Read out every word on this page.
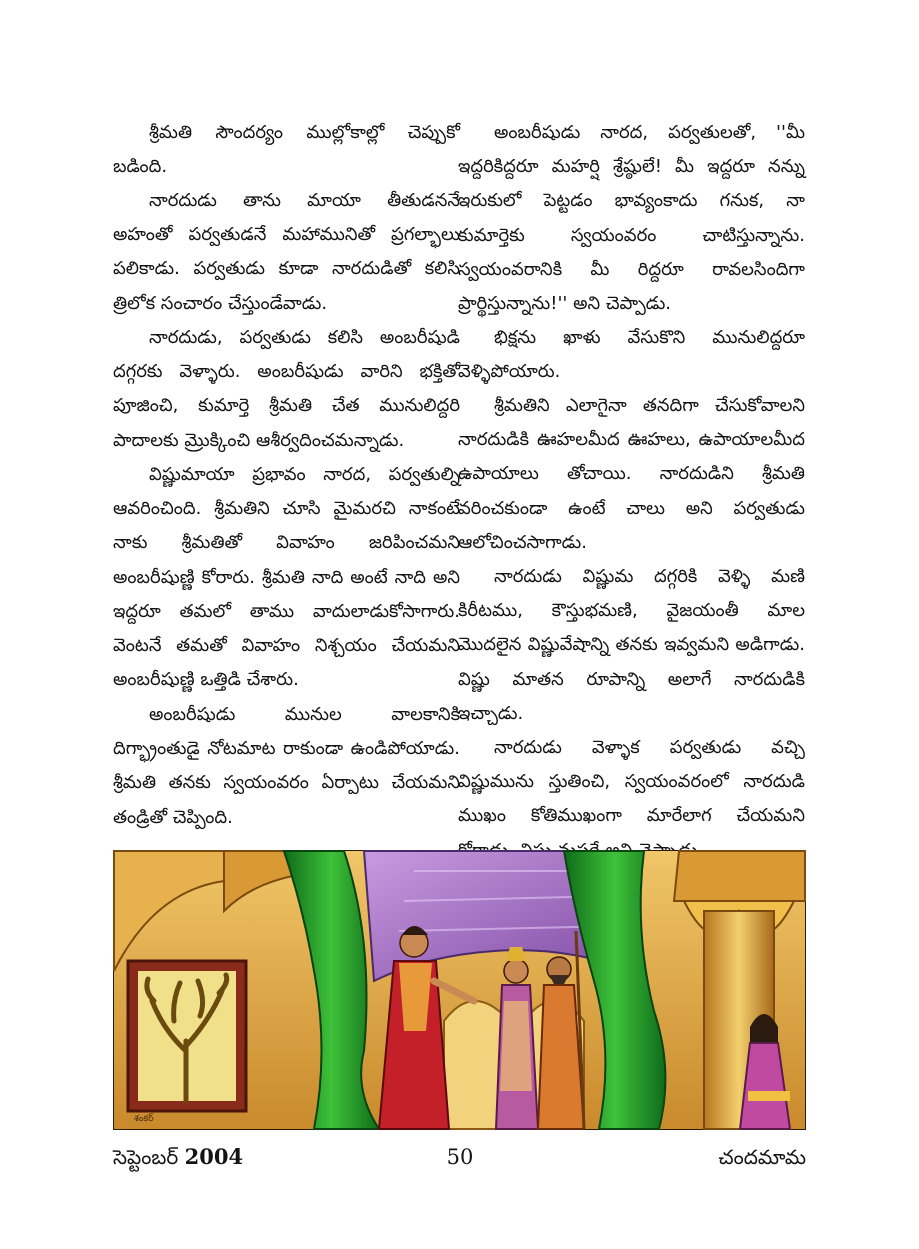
శ్రీమతి సౌందర్యం ముల్లోకాల్లో చెప్పుకో బడింది.

నారదుడు తాను మాయా తీతుడననే అహంతో పర్వతుడనే మహామునితో ప్రగల్భాలు పలికాడు. పర్వతుడు కూడా నారదుడితో కలిసి త్రిలోక సంచారం చేస్తుండేవాడు.

నారదుడు, పర్వతుడు కలిసి అంబరీషుడి దగ్గరకు వెళ్ళారు. అంబరీషుడు వారిని భక్తితో పూజించి, కుమార్తె శ్రీమతి చేత మునులిద్దరి పాదాలకు మ్రొక్కించి ఆశీర్వదించమన్నాడు.

విష్ణుమాయా ప్రభావం నారద, పర్వతుల్ని ఆవరించింది. శ్రీమతిని చూసి మైమరచి నాకంటే నాకు శ్రీమతితో వివాహం జరిపించమని అంబరీషుణ్ణి కోరారు. శ్రీమతి నాది అంటే నాది అని ఇద్దరూ తమలో తాము వాదులాడుకోసాగారు. వెంటనే తమతో వివాహం నిశ్చయం చేయమని అంబరీషుణ్ణి ఒత్తిడి చేశారు.

అంబరీషుడు మునుల వాలకానికి దిగ్భ్రాంతుడై నోటమాట రాకుండా ఉండిపోయాడు. శ్రీమతి తనకు స్వయంవరం ఏర్పాటు చేయమని తండ్రితో చెప్పింది.

అంబరీషుడు నారద, పర్వతులతో, ''మీ ఇద్దరికిద్దరూ మహర్షి శ్రేష్ఠులే! మీ ఇద్దరూ నన్ను ఇరుకులో పెట్టడం భావ్యంకాదు గనుక, నా కుమార్తెకు స్వయంవరం చాటిస్తున్నాను. స్వయంవరానికి మీ రిద్దరూ రావలసిందిగా ప్రార్థిస్తున్నాను!'' అని చెప్పాడు.

భిక్షను ఖాళు వేసుకొని మునులిద్దరూ వెళ్ళిపోయారు.

శ్రీమతిని ఎలాగైనా తనదిగా చేసుకోవాలని నారదుడికి ఊహలమీద ఊహలు, ఉపాయాలమీద ఉపాయాలు తోచాయి. నారదుడిని శ్రీమతి వరించకుండా ఉంటే చాలు అని పర్వతుడు ఆలోచించసాగాడు.

నారదుడు విష్ణుమ దగ్గరికి వెళ్ళి మణి కిరీటము, కౌస్తుభమణి, వైజయంతీ మాల మొదలైన విష్ణువేషాన్ని తనకు ఇవ్వమని అడిగాడు. విష్ణు మాతన రూపాన్ని అలాగే నారదుడికి ఇచ్చాడు.

నారదుడు వెళ్ళాక పర్వతుడు వచ్చి విష్ణుమును స్తుతించి, స్వయంవరంలో నారదుడి ముఖం కోతిముఖంగా మారేలాగ చేయమని చెప్పాడు.

శంకర్
సెప్టెంబర్ 2004	50	చందమామ
